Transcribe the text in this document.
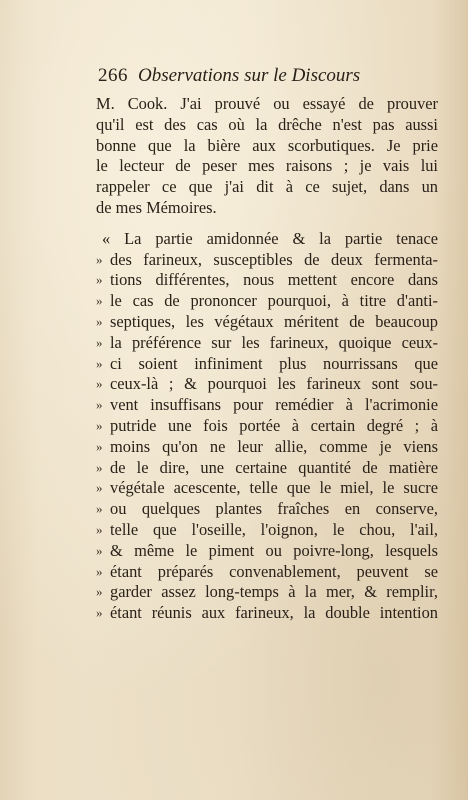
266 Observations sur le Discours
M. Cook. J'ai prouvé ou essayé de prouver
qu'il est des cas où la drêche n'est pas aussi
bonne que la bière aux scorbutiques. Je prie
le lecteur de peser mes raisons ; je vais lui
rappeler ce que j'ai dit à ce sujet, dans un
de mes Mémoires.
« La partie amidonnée & la partie tenace
» des farineux, susceptibles de deux fermenta-
» tions différentes, nous mettent encore dans
» le cas de prononcer pourquoi, à titre d'anti-
» septiques, les végétaux méritent de beaucoup
» la préférence sur les farineux, quoique ceux-
» ci soient infiniment plus nourrissans que
» ceux-là ; & pourquoi les farineux sont sou-
» vent insuffisans pour remédier à l'acrimonie
» putride une fois portée à certain degré ; à
» moins qu'on ne leur allie, comme je viens
» de le dire, une certaine quantité de matière
» végétale acescente, telle que le miel, le sucre
» ou quelques plantes fraîches en conserve,
» telle que l'oseille, l'oignon, le chou, l'ail,
» & même le piment ou poivre-long, lesquels
» étant préparés convenablement, peuvent se
» garder assez long-temps à la mer, & remplir,
» étant réunis aux farineux, la double intention
